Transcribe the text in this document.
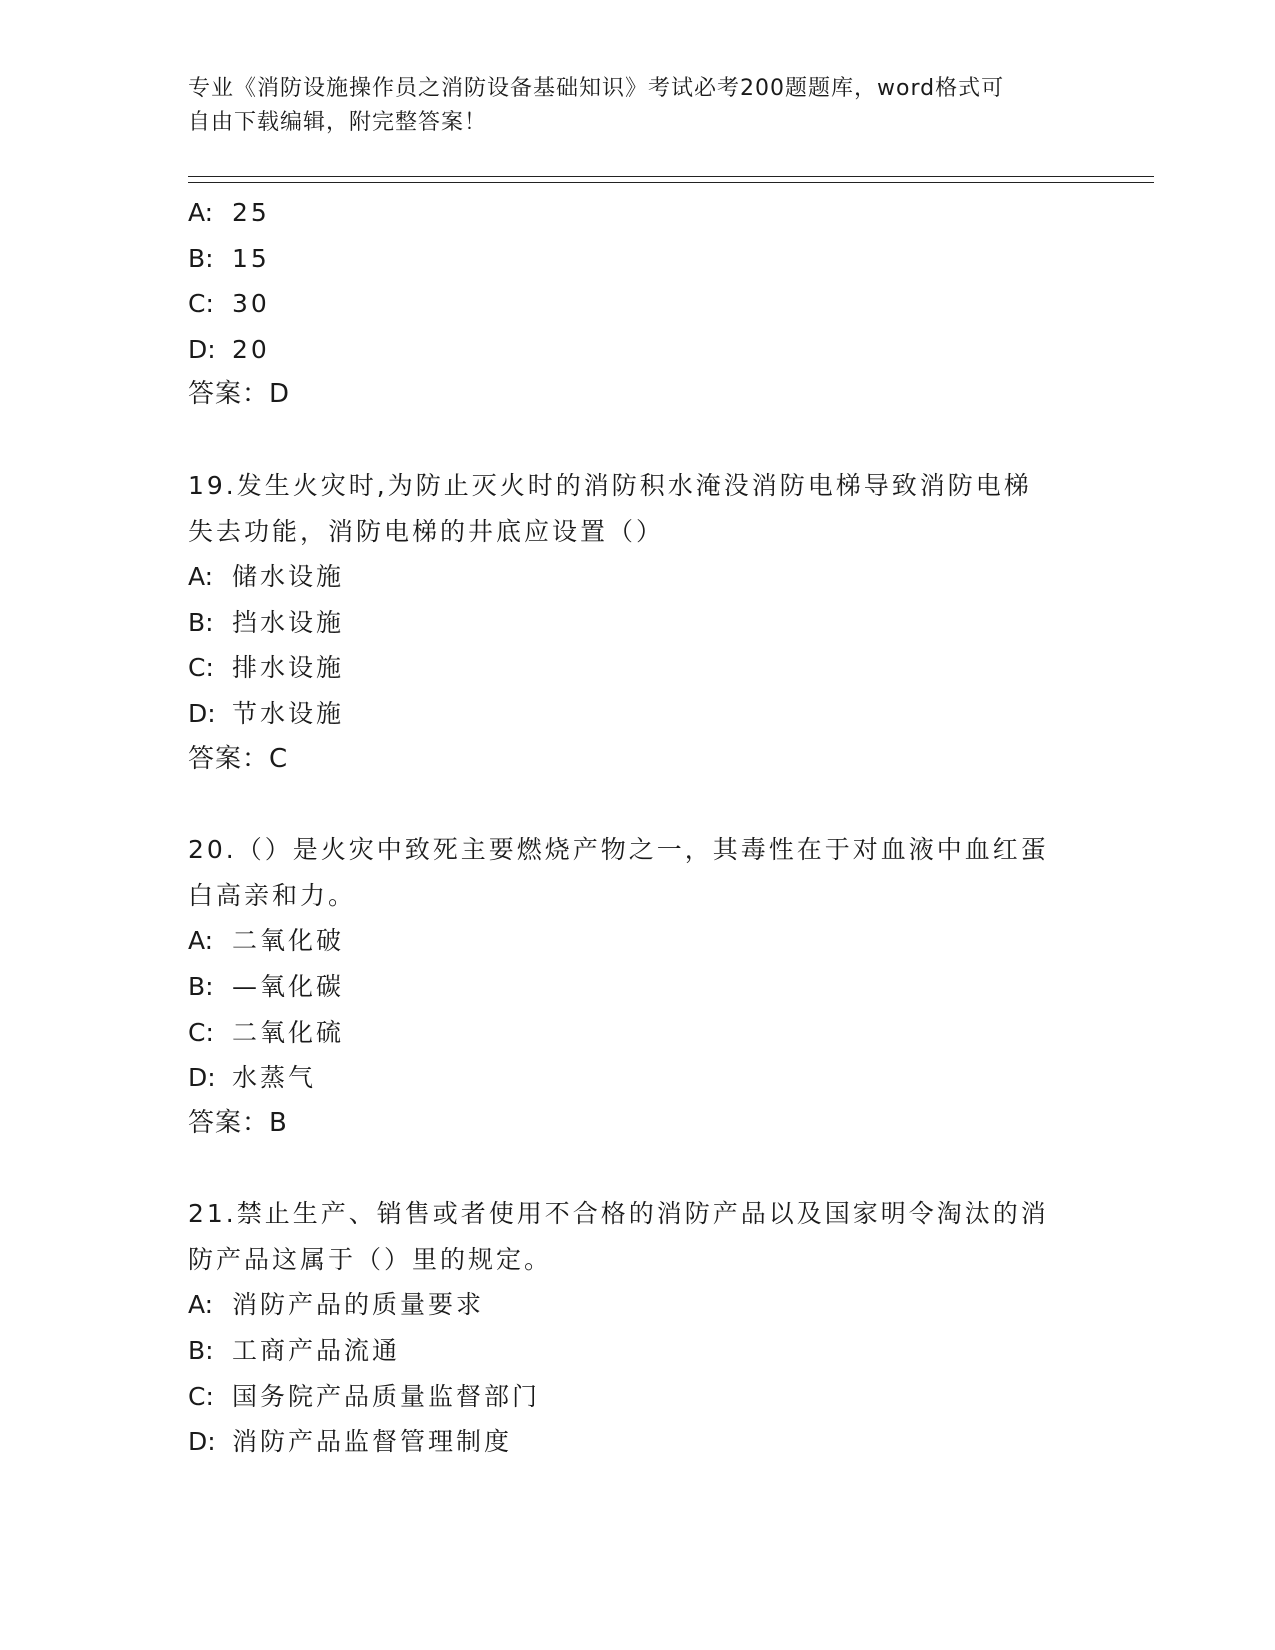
专业《消防设施操作员之消防设备基础知识》考试必考200题题库，word格式可
自由下载编辑，附完整答案！
A: 25
B: 15
C: 30
D: 20
答案：D
19.发生火灾时,为防止灭火时的消防积水淹没消防电梯导致消防电梯
失去功能，消防电梯的井底应设置（）
A: 储水设施
B: 挡水设施
C: 排水设施
D: 节水设施
答案：C
20.（）是火灾中致死主要燃烧产物之一，其毒性在于对血液中血红蛋
白高亲和力。
A: 二氧化破
B: —氧化碳
C: 二氧化硫
D: 水蒸气
答案：B
21.禁止生产、销售或者使用不合格的消防产品以及国家明令淘汰的消
防产品这属于（）里的规定。
A: 消防产品的质量要求
B: 工商产品流通
C: 国务院产品质量监督部门
D: 消防产品监督管理制度
